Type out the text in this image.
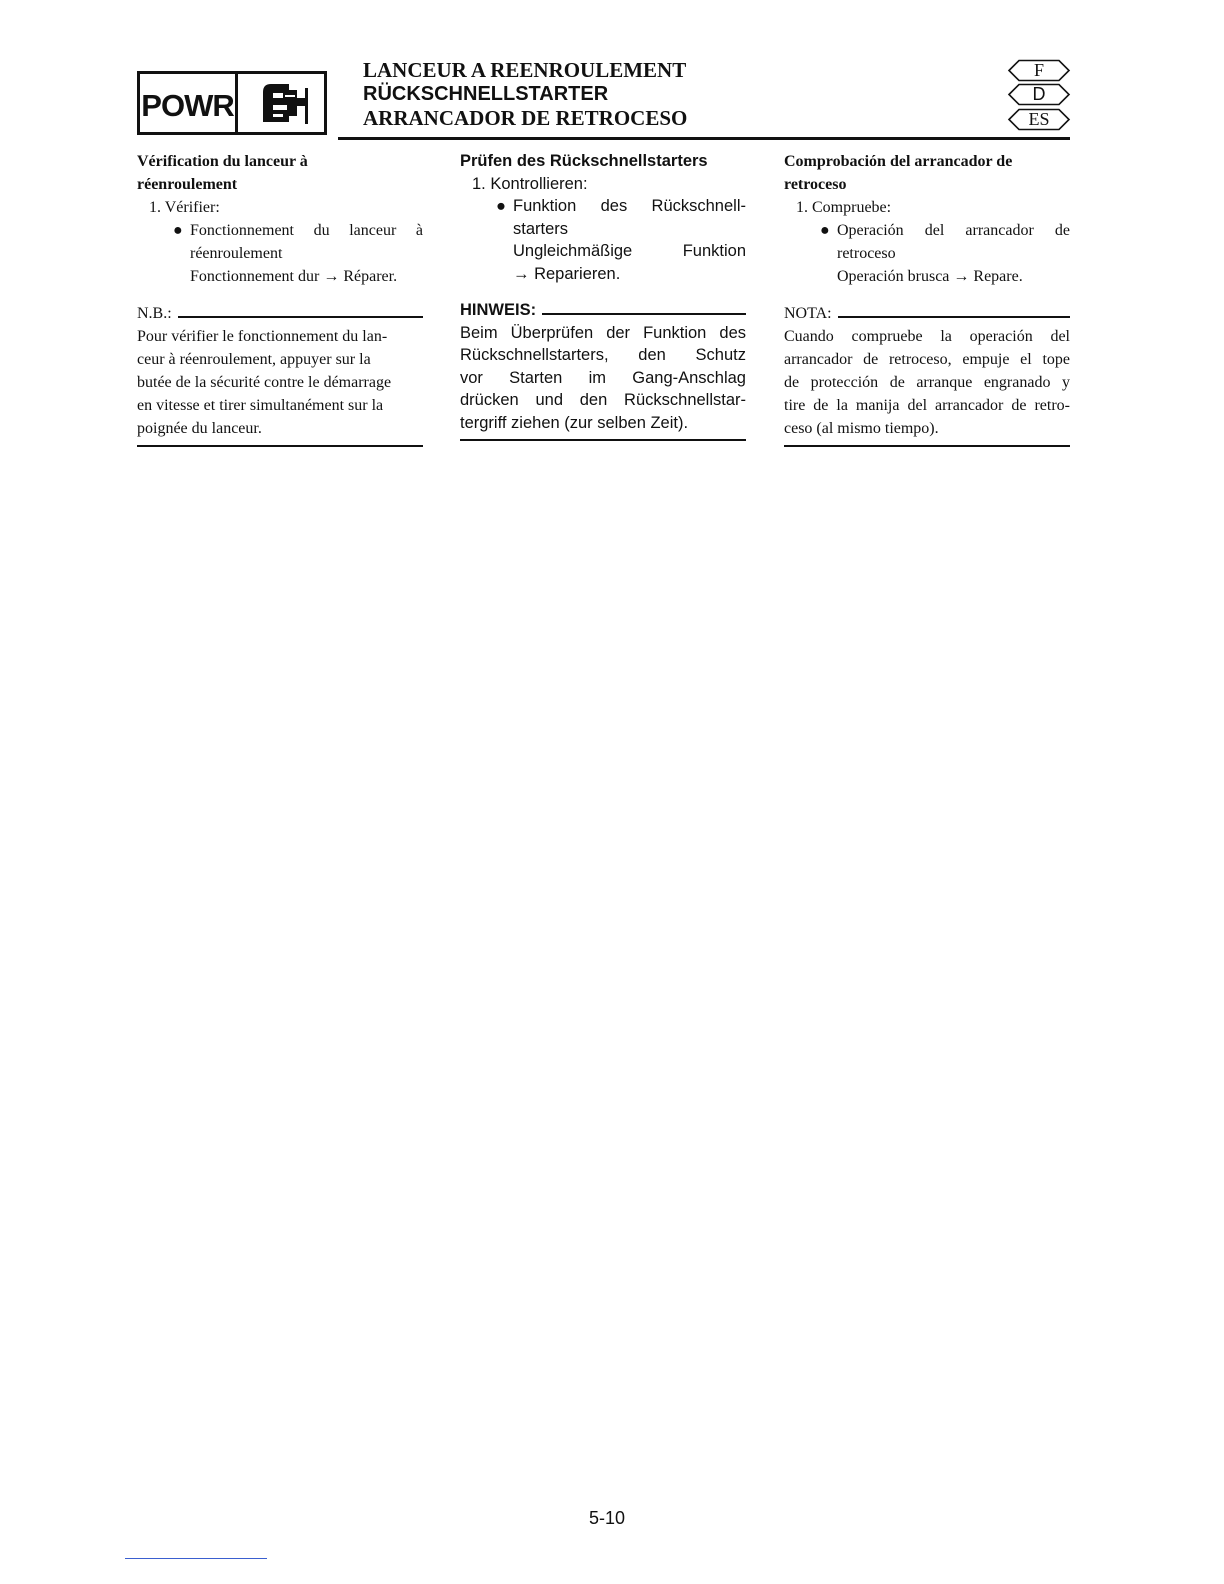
POWR
LANCEUR A REENROULEMENT
RÜCKSCHNELLSTARTER
ARRANCADOR DE RETROCESO
F
D
ES
Vérification du lanceur à
réenroulement
1. Vérifier:
● Fonctionnement du lanceur à
réenroulement
Fonctionnement dur → Réparer.
N.B.:
Pour vérifier le fonctionnement du lan-
ceur à réenroulement, appuyer sur la
butée de la sécurité contre le démarrage
en vitesse et tirer simultanément sur la
poignée du lanceur.
Prüfen des Rückschnellstarters
1. Kontrollieren:
● Funktion des Rückschnell-
starters
Ungleichmäßige Funktion
→ Reparieren.
HINWEIS:
Beim Überprüfen der Funktion des
Rückschnellstarters, den Schutz
vor Starten im Gang-Anschlag
drücken und den Rückschnellstar-
tergriff ziehen (zur selben Zeit).
Comprobación del arrancador de
retroceso
1. Compruebe:
● Operación del arrancador de
retroceso
Operación brusca → Repare.
NOTA:
Cuando compruebe la operación del
arrancador de retroceso, empuje el tope
de protección de arranque engranado y
tire de la manija del arrancador de retro-
ceso (al mismo tiempo).
5-10
